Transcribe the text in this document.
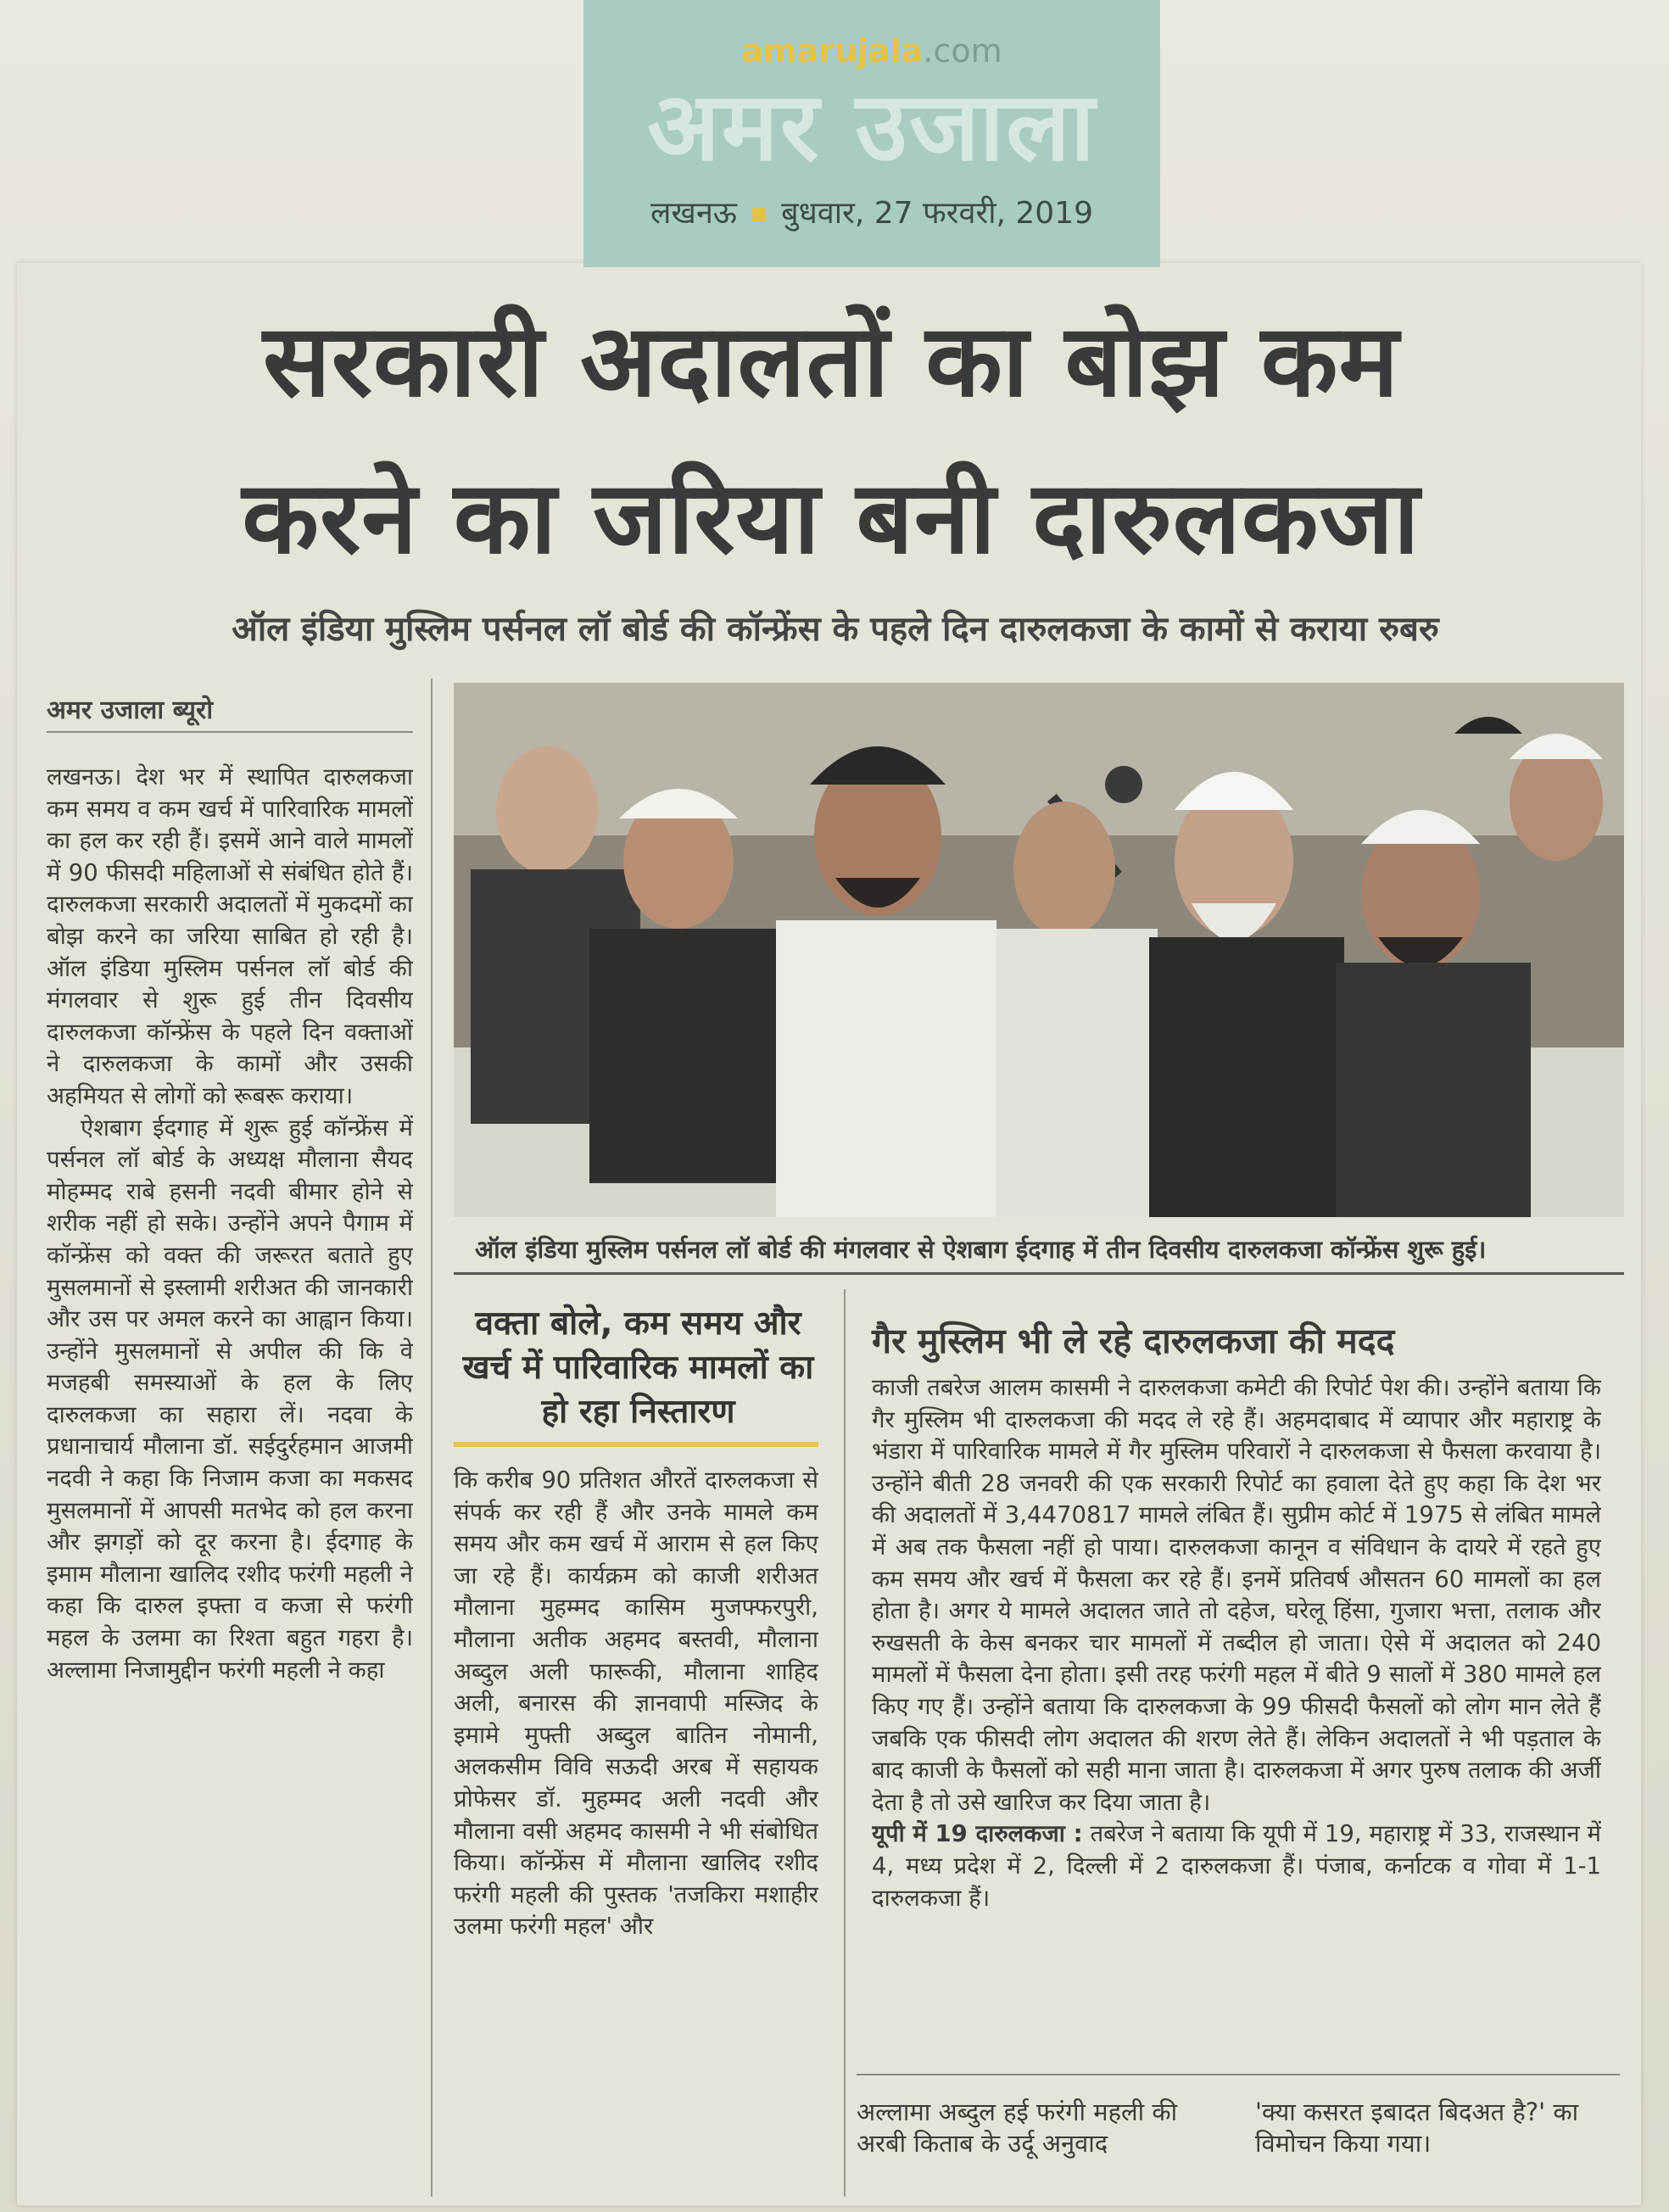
amarujala.com
अमर उजाला
लखनऊ बुधवार, 27 फरवरी, 2019
सरकारी अदालतों का बोझ कम
करने का जरिया बनी दारुलकजा
ऑल इंडिया मुस्लिम पर्सनल लॉ बोर्ड की कॉन्फ्रेंस के पहले दिन दारुलकजा के कामों से कराया रुबरु
अमर उजाला ब्यूरो

लखनऊ। देश भर में स्थापित दारुलकजा कम समय व कम खर्च में पारिवारिक मामलों का हल कर रही हैं। इसमें आने वाले मामलों में 90 फीसदी महिलाओं से संबंधित होते हैं। दारुलकजा सरकारी अदालतों में मुकदमों का बोझ करने का जरिया साबित हो रही है। ऑल इंडिया मुस्लिम पर्सनल लॉ बोर्ड की मंगलवार से शुरू हुई तीन दिवसीय दारुलकजा कॉन्फ्रेंस के पहले दिन वक्ताओं ने दारुलकजा के कामों और उसकी अहमियत से लोगों को रूबरू कराया।

ऐशबाग ईदगाह में शुरू हुई कॉन्फ्रेंस में पर्सनल लॉ बोर्ड के अध्यक्ष मौलाना सैयद मोहम्मद राबे हसनी नदवी बीमार होने से शरीक नहीं हो सके। उन्होंने अपने पैगाम में कॉन्फ्रेंस को वक्त की जरूरत बताते हुए मुसलमानों से इस्लामी शरीअत की जानकारी और उस पर अमल करने का आह्वान किया। उन्होंने मुसलमानों से अपील की कि वे मजहबी समस्याओं के हल के लिए दारुलकजा का सहारा लें। नदवा के प्रधानाचार्य मौलाना डॉ. सईदुर्रहमान आजमी नदवी ने कहा कि निजाम कजा का मकसद मुसलमानों में आपसी मतभेद को हल करना और झगड़ों को दूर करना है। ईदगाह के इमाम मौलाना खालिद रशीद फरंगी महली ने कहा कि दारुल इफ्ता व कजा से फरंगी महल के उलमा का रिश्ता बहुत गहरा है। अल्लामा निजामुद्दीन फरंगी महली ने कहा

ऑल इंडिया मुस्लिम पर्सनल लॉ बोर्ड की मंगलवार से ऐशबाग ईदगाह में तीन दिवसीय दारुलकजा कॉन्फ्रेंस शुरू हुई।
वक्ता बोले, कम समय और खर्च में पारिवारिक मामलों का हो रहा निस्तारण

कि करीब 90 प्रतिशत औरतें दारुलकजा से संपर्क कर रही हैं और उनके मामले कम समय और कम खर्च में आराम से हल किए जा रहे हैं। कार्यक्रम को काजी शरीअत मौलाना मुहम्मद कासिम मुजफ्फरपुरी, मौलाना अतीक अहमद बस्तवी, मौलाना अब्दुल अली फारूकी, मौलाना शाहिद अली, बनारस की ज्ञानवापी मस्जिद के इमामे मुफ्ती अब्दुल बातिन नोमानी, अलकसीम विवि सऊदी अरब में सहायक प्रोफेसर डॉ. मुहम्मद अली नदवी और मौलाना वसी अहमद कासमी ने भी संबोधित किया। कॉन्फ्रेंस में मौलाना खालिद रशीद फरंगी महली की पुस्तक 'तजकिरा मशाहीर उलमा फरंगी महल' और

गैर मुस्लिम भी ले रहे दारुलकजा की मदद

काजी तबरेज आलम कासमी ने दारुलकजा कमेटी की रिपोर्ट पेश की। उन्होंने बताया कि गैर मुस्लिम भी दारुलकजा की मदद ले रहे हैं। अहमदाबाद में व्यापार और महाराष्ट्र के भंडारा में पारिवारिक मामले में गैर मुस्लिम परिवारों ने दारुलकजा से फैसला करवाया है। उन्होंने बीती 28 जनवरी की एक सरकारी रिपोर्ट का हवाला देते हुए कहा कि देश भर की अदालतों में 3,4470817 मामले लंबित हैं। सुप्रीम कोर्ट में 1975 से लंबित मामले में अब तक फैसला नहीं हो पाया। दारुलकजा कानून व संविधान के दायरे में रहते हुए कम समय और खर्च में फैसला कर रहे हैं। इनमें प्रतिवर्ष औसतन 60 मामलों का हल होता है। अगर ये मामले अदालत जाते तो दहेज, घरेलू हिंसा, गुजारा भत्ता, तलाक और रुखसती के केस बनकर चार मामलों में तब्दील हो जाता। ऐसे में अदालत को 240 मामलों में फैसला देना होता। इसी तरह फरंगी महल में बीते 9 सालों में 380 मामले हल किए गए हैं। उन्होंने बताया कि दारुलकजा के 99 फीसदी फैसलों को लोग मान लेते हैं जबकि एक फीसदी लोग अदालत की शरण लेते हैं। लेकिन अदालतों ने भी पड़ताल के बाद काजी के फैसलों को सही माना जाता है। दारुलकजा में अगर पुरुष तलाक की अर्जी देता है तो उसे खारिज कर दिया जाता है।

यूपी में 19 दारुलकजा : तबरेज ने बताया कि यूपी में 19, महाराष्ट्र में 33, राजस्थान में 4, मध्य प्रदेश में 2, दिल्ली में 2 दारुलकजा हैं। पंजाब, कर्नाटक व गोवा में 1-1 दारुलकजा हैं।

अल्लामा अब्दुल हई फरंगी महली की अरबी किताब के उर्दू अनुवाद
'क्या कसरत इबादत बिदअत है?' का विमोचन किया गया।
